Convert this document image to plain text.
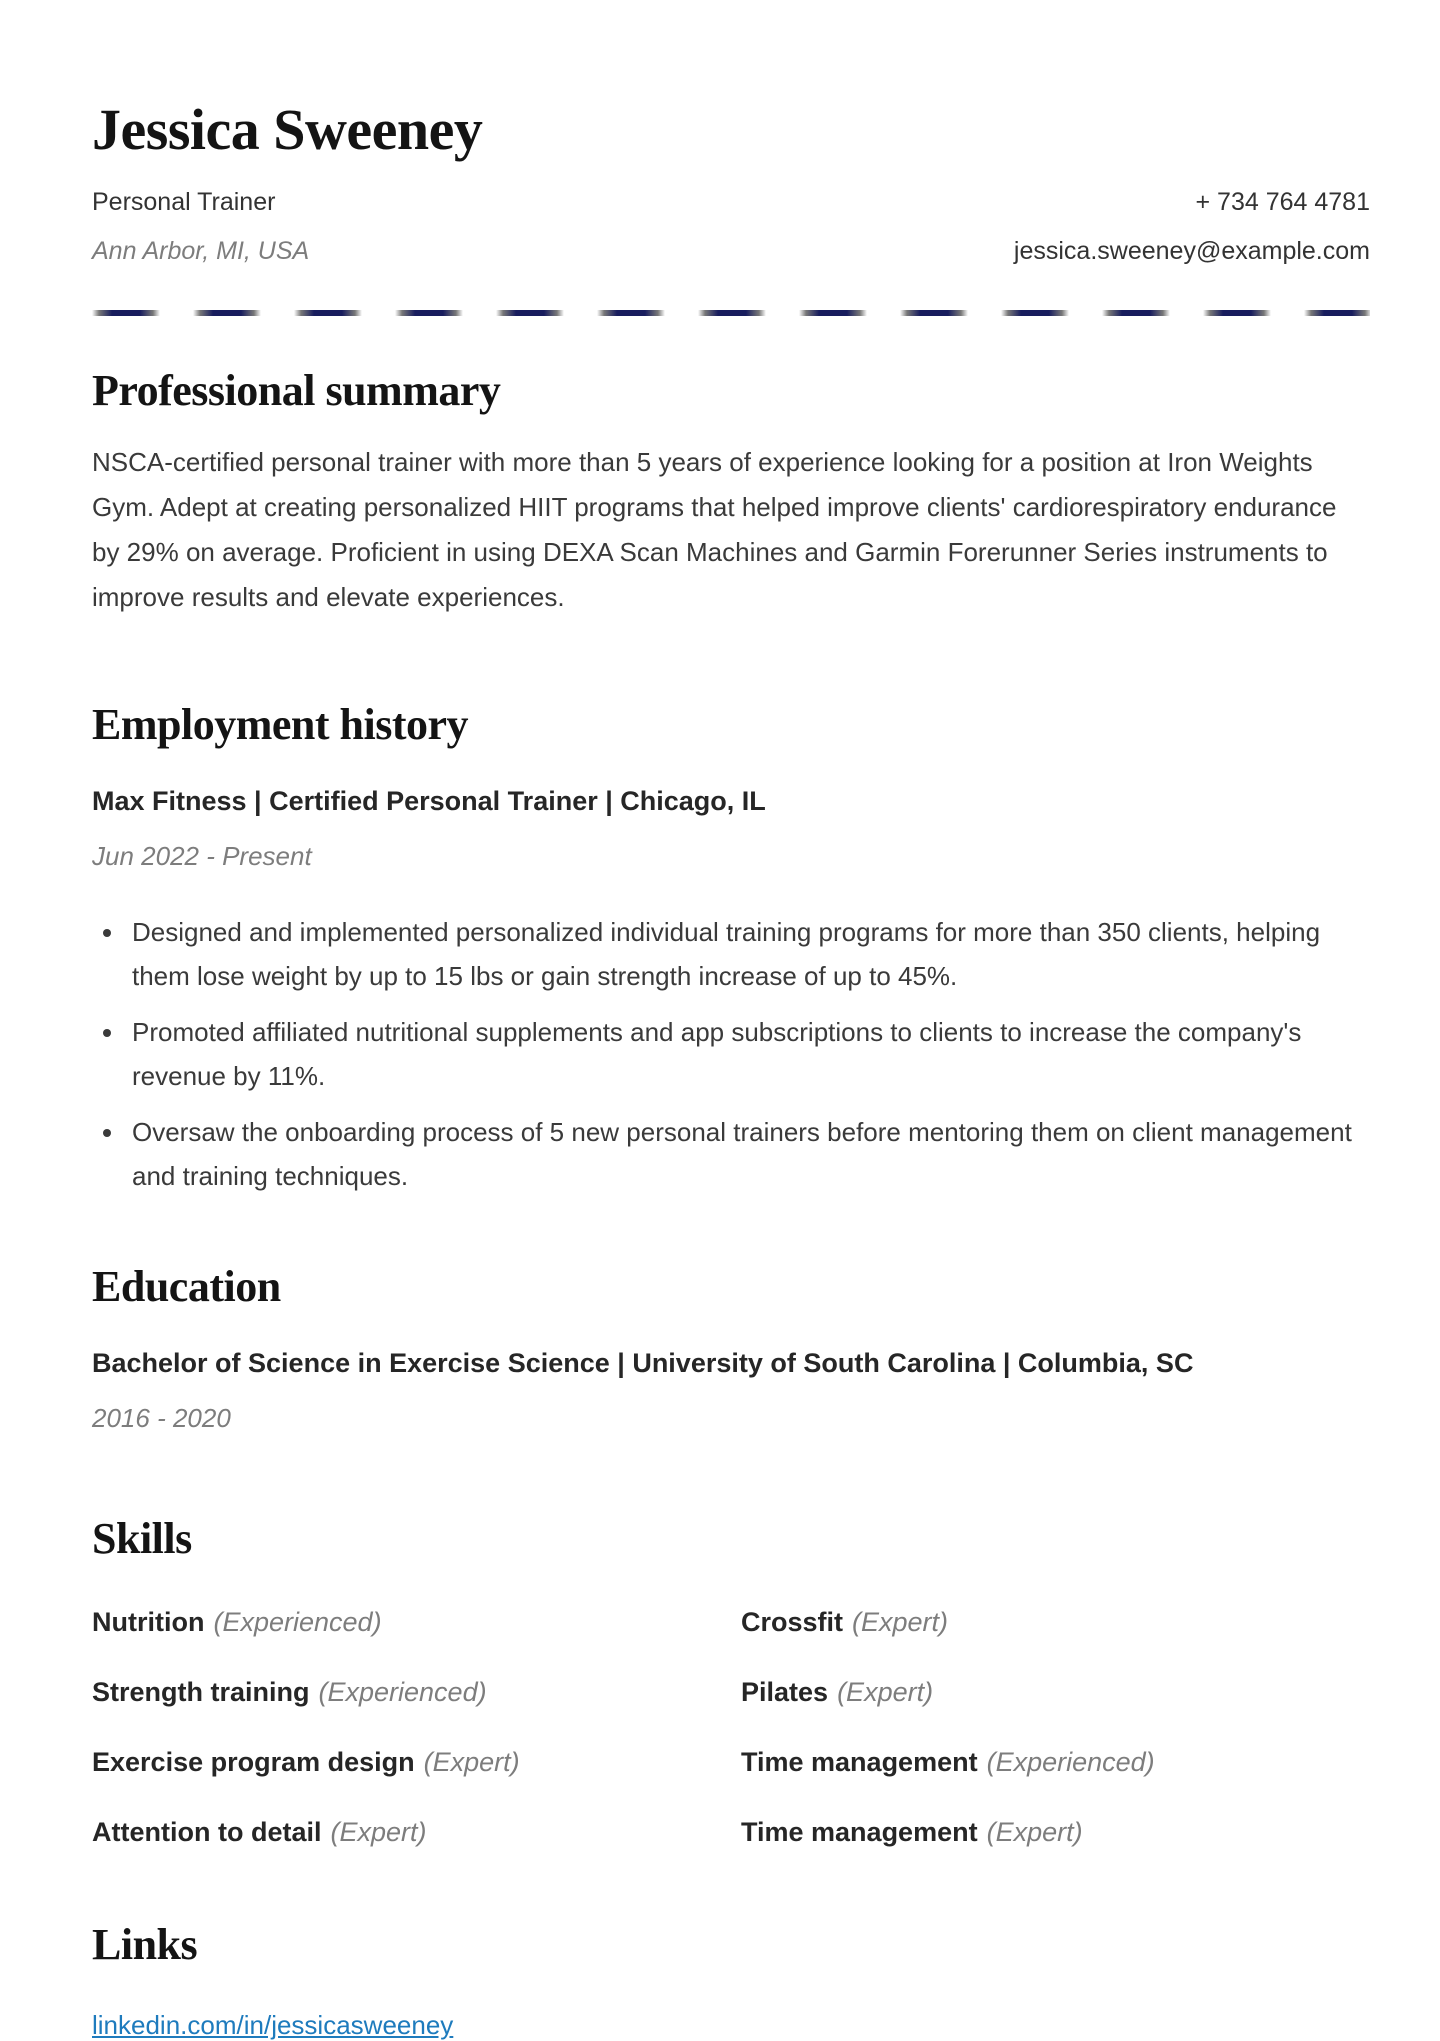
Jessica Sweeney
Personal Trainer	+ 734 764 4781
Ann Arbor, MI, USA	jessica.sweeney@example.com
Professional summary

NSCA-certified personal trainer with more than 5 years of experience looking for a position at Iron Weights Gym. Adept at creating personalized HIIT programs that helped improve clients' cardiorespiratory endurance by 29% on average. Proficient in using DEXA Scan Machines and Garmin Forerunner Series instruments to improve results and elevate experiences.

Employment history
Max Fitness | Certified Personal Trainer | Chicago, IL
Jun 2022 - Present
• Designed and implemented personalized individual training programs for more than 350 clients, helping them lose weight by up to 15 lbs or gain strength increase of up to 45%.
• Promoted affiliated nutritional supplements and app subscriptions to clients to increase the company's revenue by 11%.
• Oversaw the onboarding process of 5 new personal trainers before mentoring them on client management and training techniques.
Education
Bachelor of Science in Exercise Science | University of South Carolina | Columbia, SC
2016 - 2020
Skills
Nutrition (Experienced)	Crossfit (Expert)
Strength training (Experienced)	Pilates (Expert)
Exercise program design (Expert)	Time management (Experienced)
Attention to detail (Expert)	Time management (Expert)
Links
linkedin.com/in/jessicasweeney
